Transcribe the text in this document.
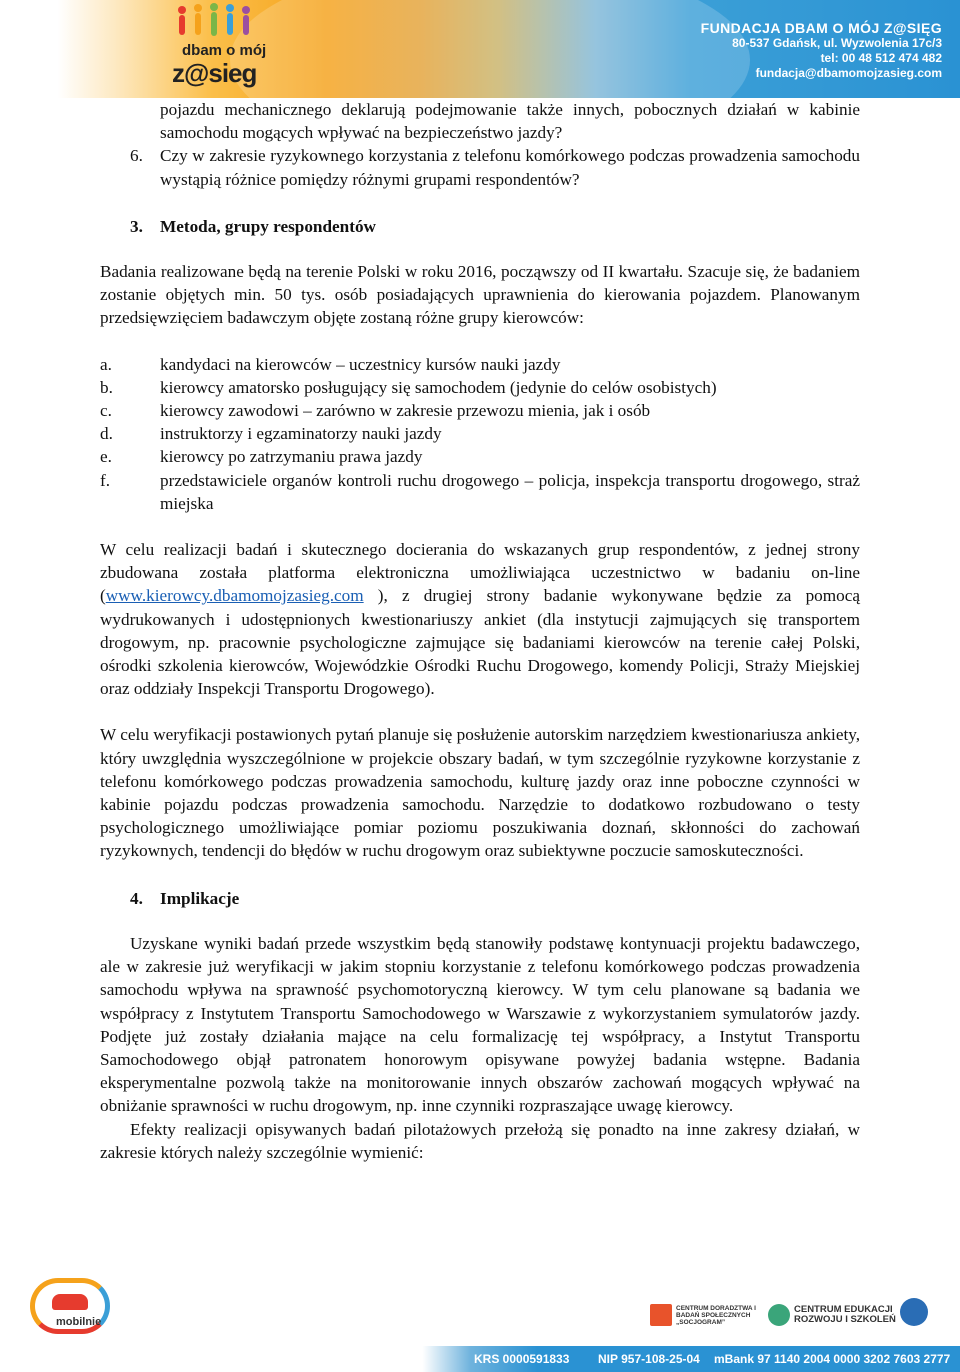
dbam o mój
z@sieg
FUNDACJA DBAM O MÓJ Z@SIĘG
80-537 Gdańsk, ul. Wyzwolenia 17c/3
tel: 00 48 512 474 482
fundacja@dbamomojzasieg.com

pojazdu mechanicznego deklarują podejmowanie także innych, pobocznych działań w kabinie samochodu mogących wpływać na bezpieczeństwo jazdy?

6. Czy w zakresie ryzykownego korzystania z telefonu komórkowego podczas prowadzenia samochodu wystąpią różnice pomiędzy różnymi grupami respondentów?

3. Metoda, grupy respondentów

Badania realizowane będą na terenie Polski w roku 2016, począwszy od II kwartału. Szacuje się, że badaniem zostanie objętych min. 50 tys. osób posiadających uprawnienia do kierowania pojazdem. Planowanym przedsięwzięciem badawczym objęte zostaną różne grupy kierowców:

a.	kandydaci na kierowców – uczestnicy kursów nauki jazdy
b.	kierowcy amatorsko posługujący się samochodem (jedynie do celów osobistych)
c.	kierowcy zawodowi – zarówno w zakresie przewozu mienia, jak i osób
d.	instruktorzy i egzaminatorzy nauki jazdy
e.	kierowcy po zatrzymaniu prawa jazdy
f.	przedstawiciele organów kontroli ruchu drogowego – policja, inspekcja transportu drogowego, straż miejska

W celu realizacji badań i skutecznego docierania do wskazanych grup respondentów, z jednej strony zbudowana została platforma elektroniczna umożliwiająca uczestnictwo w badaniu on-line (www.kierowcy.dbamomojzasieg.com ), z drugiej strony badanie wykonywane będzie za pomocą wydrukowanych i udostępnionych kwestionariuszy ankiet (dla instytucji zajmujących się transportem drogowym, np. pracownie psychologiczne zajmujące się badaniami kierowców na terenie całej Polski, ośrodki szkolenia kierowców, Wojewódzkie Ośrodki Ruchu Drogowego, komendy Policji, Straży Miejskiej oraz oddziały Inspekcji Transportu Drogowego).

W celu weryfikacji postawionych pytań planuje się posłużenie autorskim narzędziem kwestionariusza ankiety, który uwzględnia wyszczególnione w projekcie obszary badań, w tym szczególnie ryzykowne korzystanie z telefonu komórkowego podczas prowadzenia samochodu, kulturę jazdy oraz inne poboczne czynności w kabinie pojazdu podczas prowadzenia samochodu. Narzędzie to dodatkowo rozbudowano o testy psychologicznego umożliwiające pomiar poziomu poszukiwania doznań, skłonności do zachowań ryzykownych, tendencji do błędów w ruchu drogowym oraz subiektywne poczucie samoskuteczności.

4. Implikacje

Uzyskane wyniki badań przede wszystkim będą stanowiły podstawę kontynuacji projektu badawczego, ale w zakresie już weryfikacji w jakim stopniu korzystanie z telefonu komórkowego podczas prowadzenia samochodu wpływa na sprawność psychomotoryczną kierowcy. W tym celu planowane są badania we współpracy z Instytutem Transportu Samochodowego w Warszawie z wykorzystaniem symulatorów jazdy. Podjęte już zostały działania mające na celu formalizację tej współpracy, a Instytut Transportu Samochodowego objął patronatem honorowym opisywane powyżej badania wstępne. Badania eksperymentalne pozwolą także na monitorowanie innych obszarów zachowań mogących wpływać na obniżanie sprawności w ruchu drogowym, np. inne czynniki rozpraszające uwagę kierowcy.

Efekty realizacji opisywanych badań pilotażowych przełożą się ponadto na inne zakresy działań, w zakresie których należy szczególnie wymienić:

mobilnie
CENTRUM DORADZTWA I BADAŃ SPOŁECZNYCH „SOCJOGRAM”
CENTRUM EDUKACJI
ROZWOJU I SZKOLEŃ
KRS 0000591833 NIP 957-108-25-04 mBank 97 1140 2004 0000 3202 7603 2777
